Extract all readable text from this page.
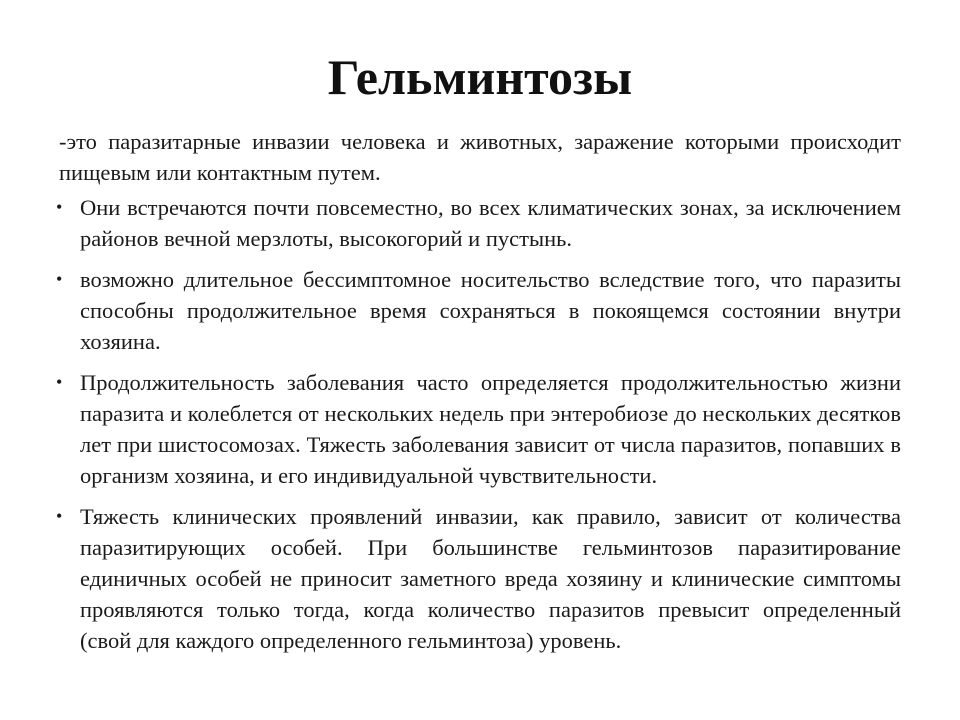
Гельминтозы

-это паразитарные инвазии человека и животных, заражение которыми происходит пищевым или контактным путем.

• Они встречаются почти повсеместно, во всех климатических зонах, за исключением районов вечной мерзлоты, высокогорий и пустынь.
• возможно длительное бессимптомное носительство вследствие того, что паразиты способны продолжительное время сохраняться в покоящемся состоянии внутри хозяина.
• Продолжительность заболевания часто определяется продолжительностью жизни паразита и колеблется от нескольких недель при энтеробиозе до нескольких десятков лет при шистосомозах. Тяжесть заболевания зависит от числа паразитов, попавших в организм хозяина, и его индивидуальной чувствительности.
• Тяжесть клинических проявлений инвазии, как правило, зависит от количества паразитирующих особей. При большинстве гельминтозов паразитирование единичных особей не приносит заметного вреда хозяину и клинические симптомы проявляются только тогда, когда количество паразитов превысит определенный (свой для каждого определенного гельминтоза) уровень.
